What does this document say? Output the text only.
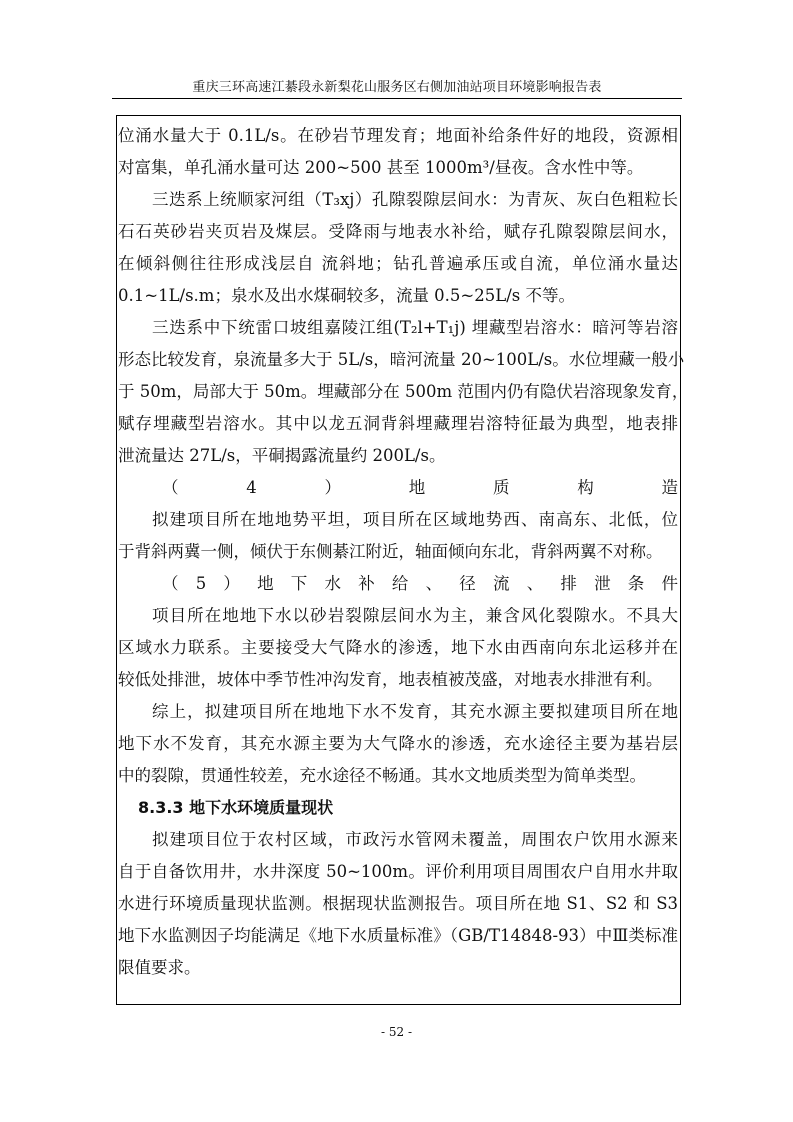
重庆三环高速江綦段永新梨花山服务区右侧加油站项目环境影响报告表
位涌水量大于 0.1L/s。在砂岩节理发育；地面补给条件好的地段，资源相
对富集，单孔涌水量可达 200~500 甚至 1000m³/昼夜。含水性中等。
三迭系上统顺家河组（T₃xj）孔隙裂隙层间水：为青灰、灰白色粗粒长
石石英砂岩夹页岩及煤层。受降雨与地表水补给，赋存孔隙裂隙层间水，
在倾斜侧往往形成浅层自 流斜地；钻孔普遍承压或自流，单位涌水量达
0.1~1L/s.m；泉水及出水煤硐较多，流量 0.5~25L/s 不等。
三迭系中下统雷口坡组嘉陵江组(T₂l+T₁j) 埋藏型岩溶水：暗河等岩溶
形态比较发育，泉流量多大于 5L/s，暗河流量 20~100L/s。水位埋藏一般小
于 50m，局部大于 50m。埋藏部分在 500m 范围内仍有隐伏岩溶现象发育，
赋存埋藏型岩溶水。其中以龙五洞背斜埋藏理岩溶特征最为典型，地表排
泄流量达 27L/s，平硐揭露流量约 200L/s。
（4）地质构造
拟建项目所在地地势平坦，项目所在区域地势西、南高东、北低，位
于背斜两冀一侧，倾伏于东侧綦江附近，轴面倾向东北，背斜两翼不对称。
（5）地下水补给、径流、排泄条件
项目所在地地下水以砂岩裂隙层间水为主，兼含风化裂隙水。不具大
区域水力联系。主要接受大气降水的渗透，地下水由西南向东北运移并在
较低处排泄，坡体中季节性冲沟发育，地表植被茂盛，对地表水排泄有利。
综上，拟建项目所在地地下水不发育，其充水源主要拟建项目所在地
地下水不发育，其充水源主要为大气降水的渗透，充水途径主要为基岩层
中的裂隙，贯通性较差，充水途径不畅通。其水文地质类型为简单类型。
8.3.3 地下水环境质量现状
拟建项目位于农村区域，市政污水管网未覆盖，周围农户饮用水源来
自于自备饮用井，水井深度 50~100m。评价利用项目周围农户自用水井取
水进行环境质量现状监测。根据现状监测报告。项目所在地 S1、S2 和 S3
地下水监测因子均能满足《地下水质量标准》（GB/T14848-93）中Ⅲ类标准
限值要求。
- 52 -
